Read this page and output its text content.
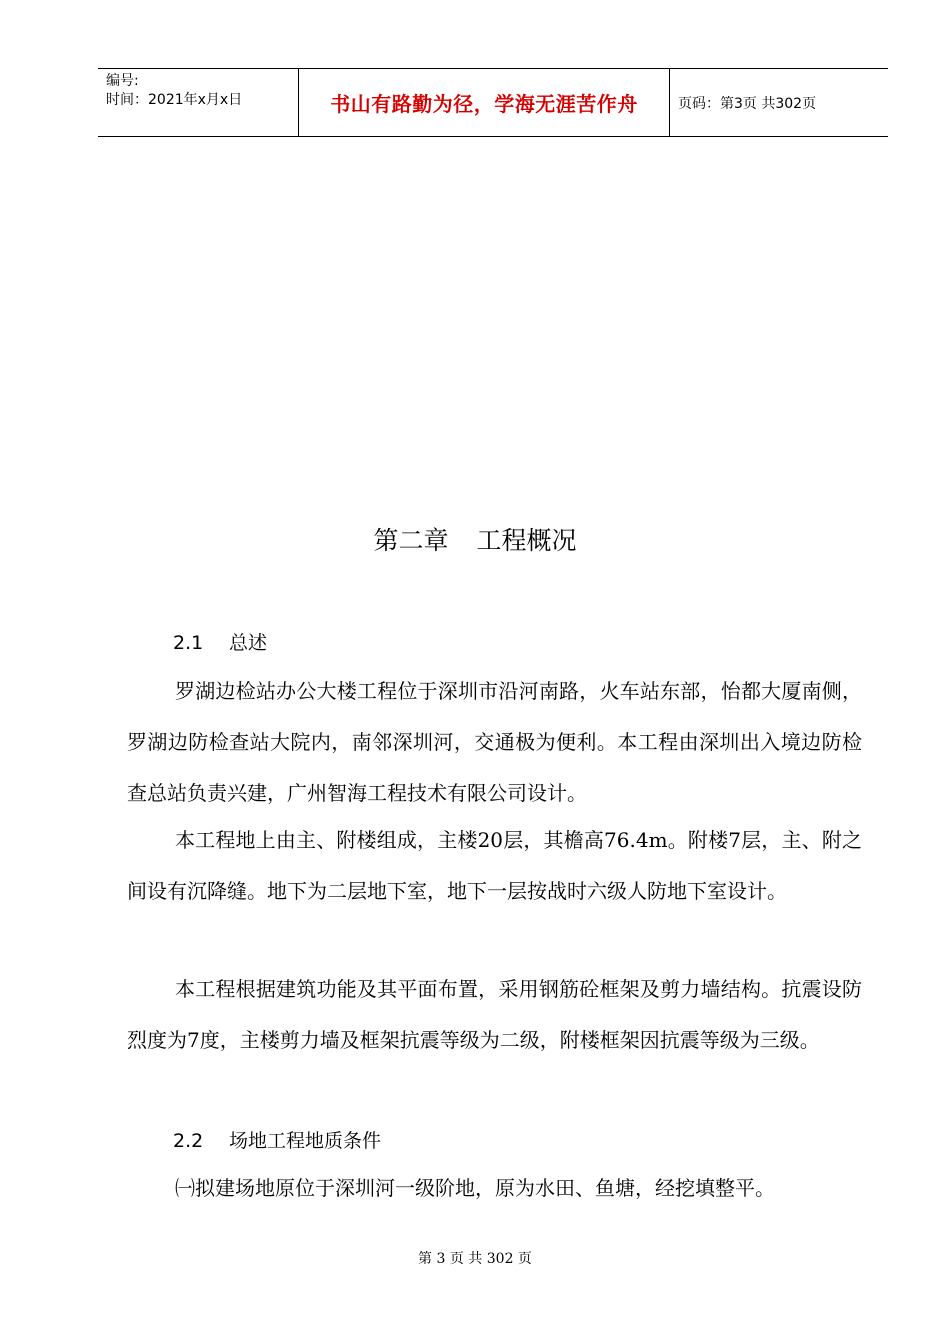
编号:
时间：2021年x月x日	书山有路勤为径，学海无涯苦作舟	页码：第3页 共302页
第二章 工程概况
2.1 总述

罗湖边检站办公大楼工程位于深圳市沿河南路，火车站东部，怡都大厦南侧，罗湖边防检查站大院内，南邻深圳河，交通极为便利。本工程由深圳出入境边防检查总站负责兴建，广州智海工程技术有限公司设计。

本工程地上由主、附楼组成，主楼20层，其檐高76.4m。附楼7层，主、附之间设有沉降缝。地下为二层地下室，地下一层按战时六级人防地下室设计。

本工程根据建筑功能及其平面布置，采用钢筋砼框架及剪力墙结构。抗震设防烈度为7度，主楼剪力墙及框架抗震等级为二级，附楼框架因抗震等级为三级。

2.2 场地工程地质条件

㈠拟建场地原位于深圳河一级阶地，原为水田、鱼塘，经挖填整平。

第 3 页 共 302 页
